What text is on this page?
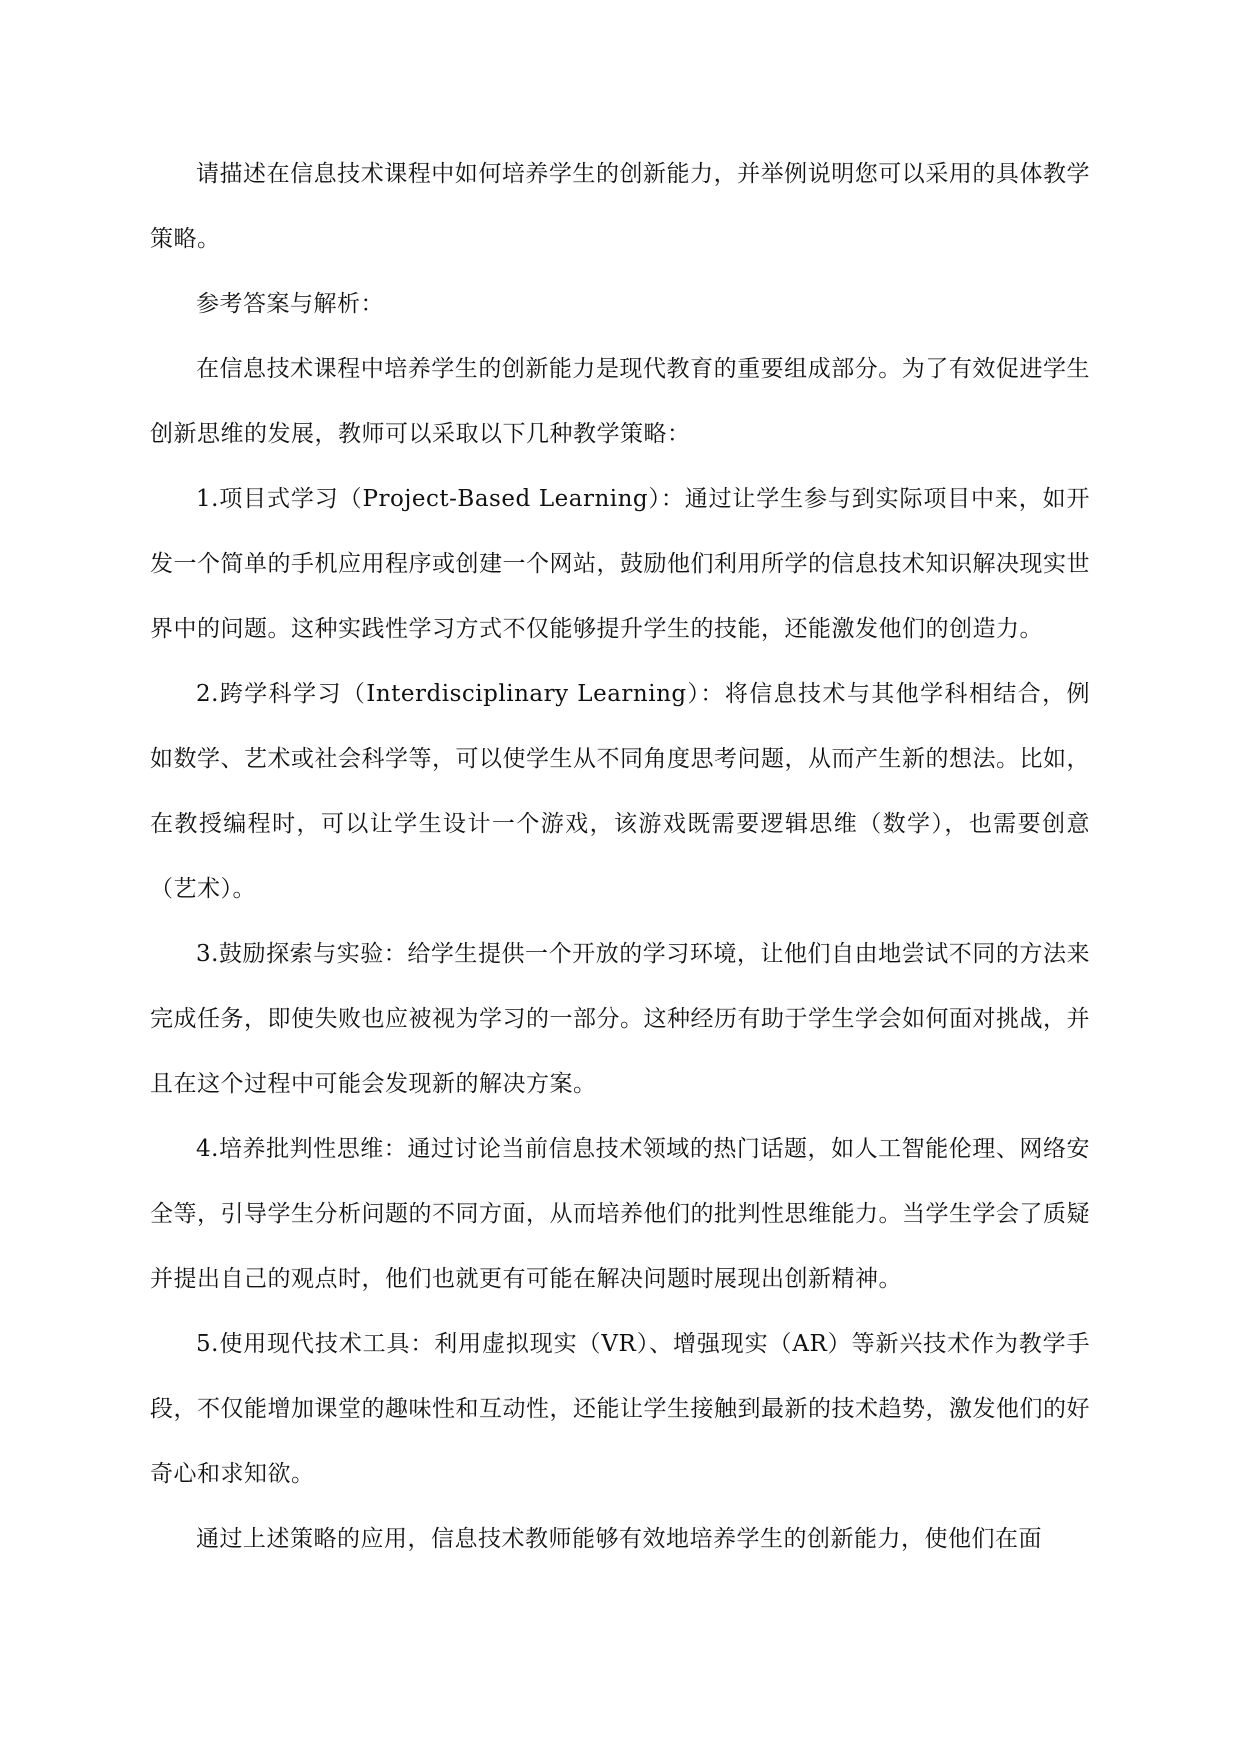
请描述在信息技术课程中如何培养学生的创新能力，并举例说明您可以采用的具体教学策略。

参考答案与解析：

在信息技术课程中培养学生的创新能力是现代教育的重要组成部分。为了有效促进学生创新思维的发展，教师可以采取以下几种教学策略：

1.项目式学习（Project-Based Learning）：通过让学生参与到实际项目中来，如开发一个简单的手机应用程序或创建一个网站，鼓励他们利用所学的信息技术知识解决现实世界中的问题。这种实践性学习方式不仅能够提升学生的技能，还能激发他们的创造力。

2.跨学科学习（Interdisciplinary Learning）：将信息技术与其他学科相结合，例如数学、艺术或社会科学等，可以使学生从不同角度思考问题，从而产生新的想法。比如，在教授编程时，可以让学生设计一个游戏，该游戏既需要逻辑思维（数学），也需要创意（艺术）。

3.鼓励探索与实验：给学生提供一个开放的学习环境，让他们自由地尝试不同的方法来完成任务，即使失败也应被视为学习的一部分。这种经历有助于学生学会如何面对挑战，并且在这个过程中可能会发现新的解决方案。

4.培养批判性思维：通过讨论当前信息技术领域的热门话题，如人工智能伦理、网络安全等，引导学生分析问题的不同方面，从而培养他们的批判性思维能力。当学生学会了质疑并提出自己的观点时，他们也就更有可能在解决问题时展现出创新精神。

5.使用现代技术工具：利用虚拟现实（VR）、增强现实（AR）等新兴技术作为教学手段，不仅能增加课堂的趣味性和互动性，还能让学生接触到最新的技术趋势，激发他们的好奇心和求知欲。

通过上述策略的应用，信息技术教师能够有效地培养学生的创新能力，使他们在面
